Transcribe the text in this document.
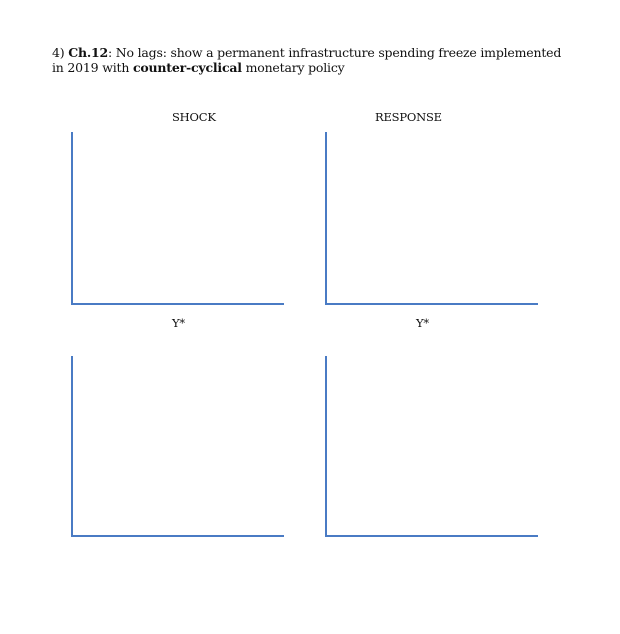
4) Ch.12: No lags: show a permanent infrastructure spending freeze implemented in 2019 with counter-cyclical monetary policy
SHOCK	RESPONSE
Y*	Y*
